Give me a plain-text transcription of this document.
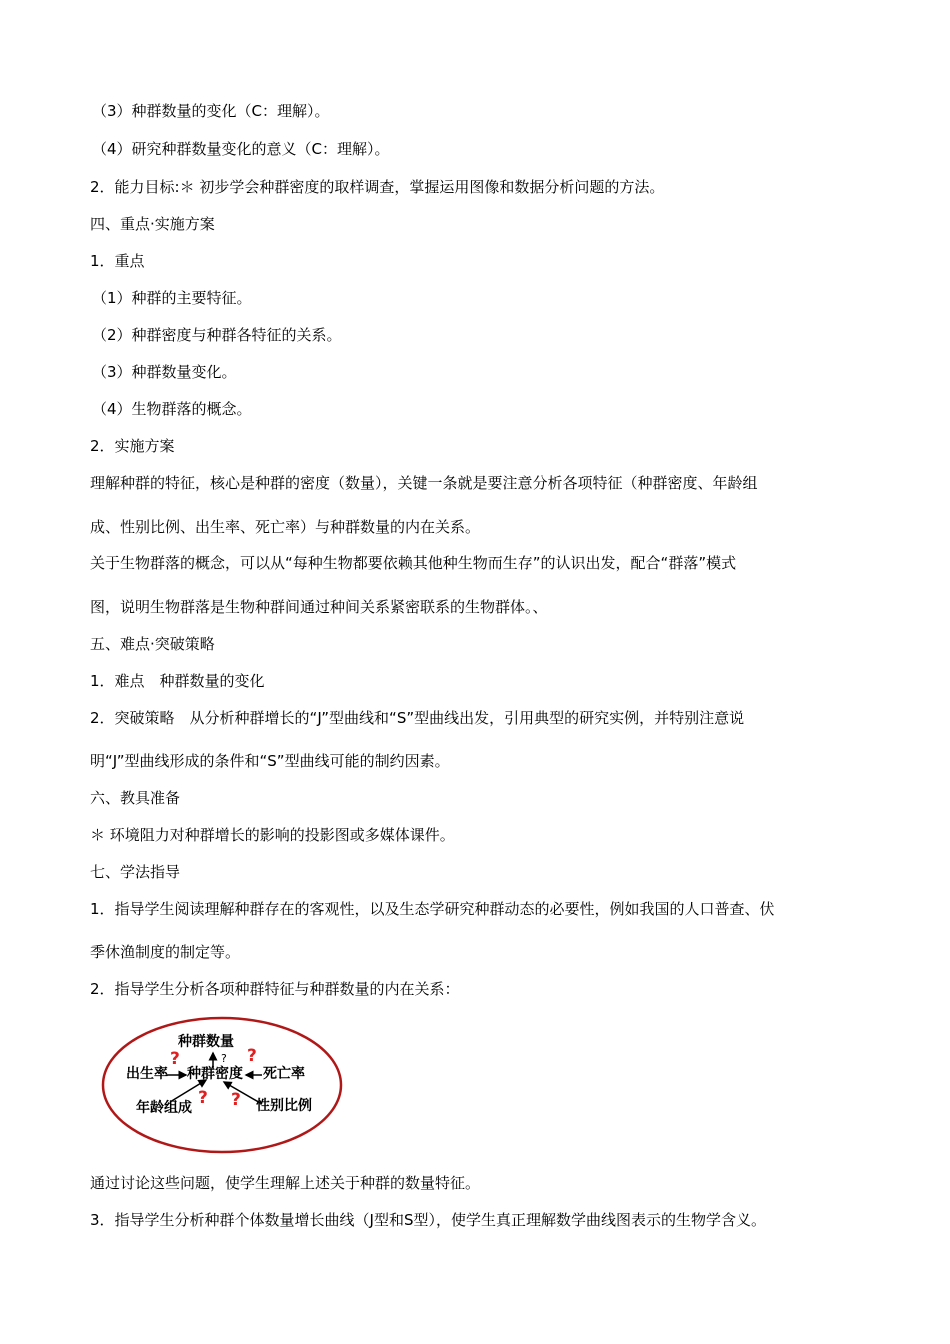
（3）种群数量的变化（C：理解）。
（4）研究种群数量变化的意义（C：理解）。
2．能力目标:＊ 初步学会种群密度的取样调查，掌握运用图像和数据分析问题的方法。
四、重点·实施方案
1．重点
（1）种群的主要特征。
（2）种群密度与种群各特征的关系。
（3）种群数量变化。
（4）生物群落的概念。
2．实施方案
理解种群的特征，核心是种群的密度（数量），关键一条就是要注意分析各项特征（种群密度、年龄组
成、性别比例、出生率、死亡率）与种群数量的内在关系。
关于生物群落的概念，可以从“每种生物都要依赖其他种生物而生存”的认识出发，配合“群落”模式
图，说明生物群落是生物种群间通过种间关系紧密联系的生物群体。、
五、难点·突破策略
1．难点　种群数量的变化
2．突破策略　从分析种群增长的“J”型曲线和“S”型曲线出发，引用典型的研究实例，并特别注意说
明“J”型曲线形成的条件和“S”型曲线可能的制约因素。
六、教具准备
＊ 环境阻力对种群增长的影响的投影图或多媒体课件。
七、学法指导
1．指导学生阅读理解种群存在的客观性，以及生态学研究种群动态的必要性，例如我国的人口普查、伏
季休渔制度的制定等。
2．指导学生分析各项种群特征与种群数量的内在关系：
种群数量
出生率 种群密度 死亡率
年龄组成	性别比例
?	? ?
? ?
通过讨论这些问题，使学生理解上述关于种群的数量特征。
3．指导学生分析种群个体数量增长曲线（J型和S型），使学生真正理解数学曲线图表示的生物学含义。
